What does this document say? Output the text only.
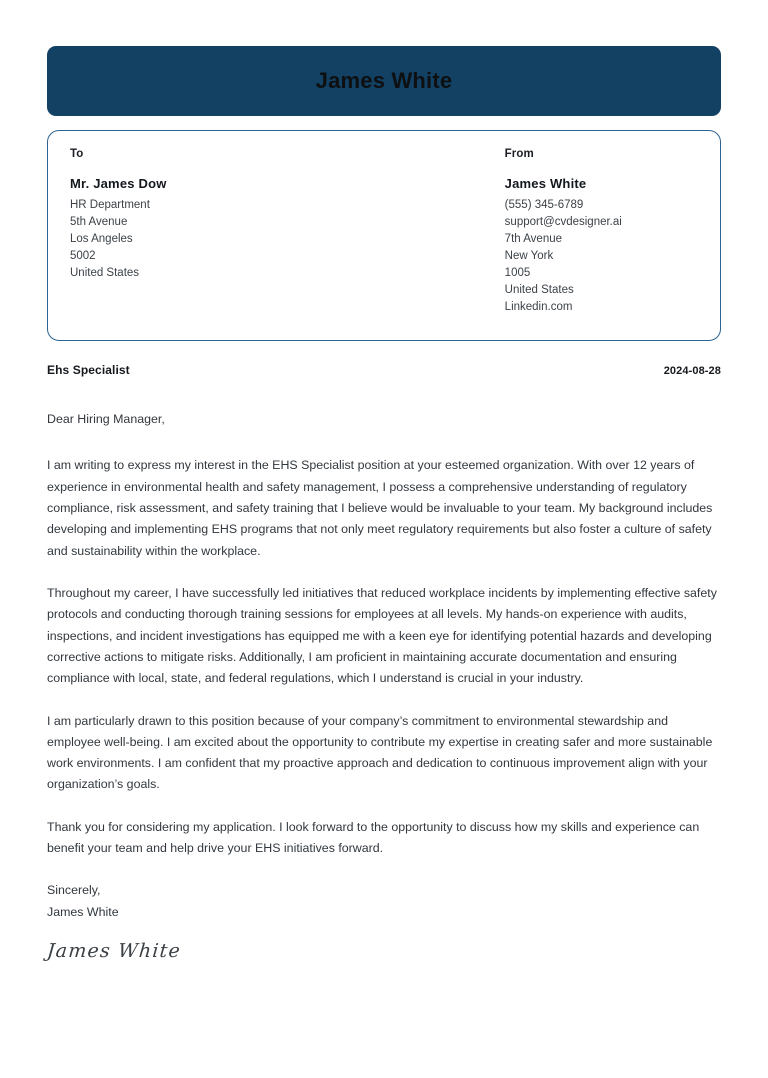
James White
To
Mr. James Dow
HR Department
5th Avenue
Los Angeles
5002
United States
From
James White
(555) 345-6789
support@cvdesigner.ai
7th Avenue
New York
1005
United States
Linkedin.com
Ehs Specialist	2024-08-28

Dear Hiring Manager,

I am writing to express my interest in the EHS Specialist position at your esteemed organization. With over 12 years of experience in environmental health and safety management, I possess a comprehensive understanding of regulatory compliance, risk assessment, and safety training that I believe would be invaluable to your team. My background includes developing and implementing EHS programs that not only meet regulatory requirements but also foster a culture of safety and sustainability within the workplace.

Throughout my career, I have successfully led initiatives that reduced workplace incidents by implementing effective safety protocols and conducting thorough training sessions for employees at all levels. My hands-on experience with audits, inspections, and incident investigations has equipped me with a keen eye for identifying potential hazards and developing corrective actions to mitigate risks. Additionally, I am proficient in maintaining accurate documentation and ensuring compliance with local, state, and federal regulations, which I understand is crucial in your industry.

I am particularly drawn to this position because of your company’s commitment to environmental stewardship and employee well-being. I am excited about the opportunity to contribute my expertise in creating safer and more sustainable work environments. I am confident that my proactive approach and dedication to continuous improvement align with your organization’s goals.

Thank you for considering my application. I look forward to the opportunity to discuss how my skills and experience can benefit your team and help drive your EHS initiatives forward.

Sincerely,
James White
James White
